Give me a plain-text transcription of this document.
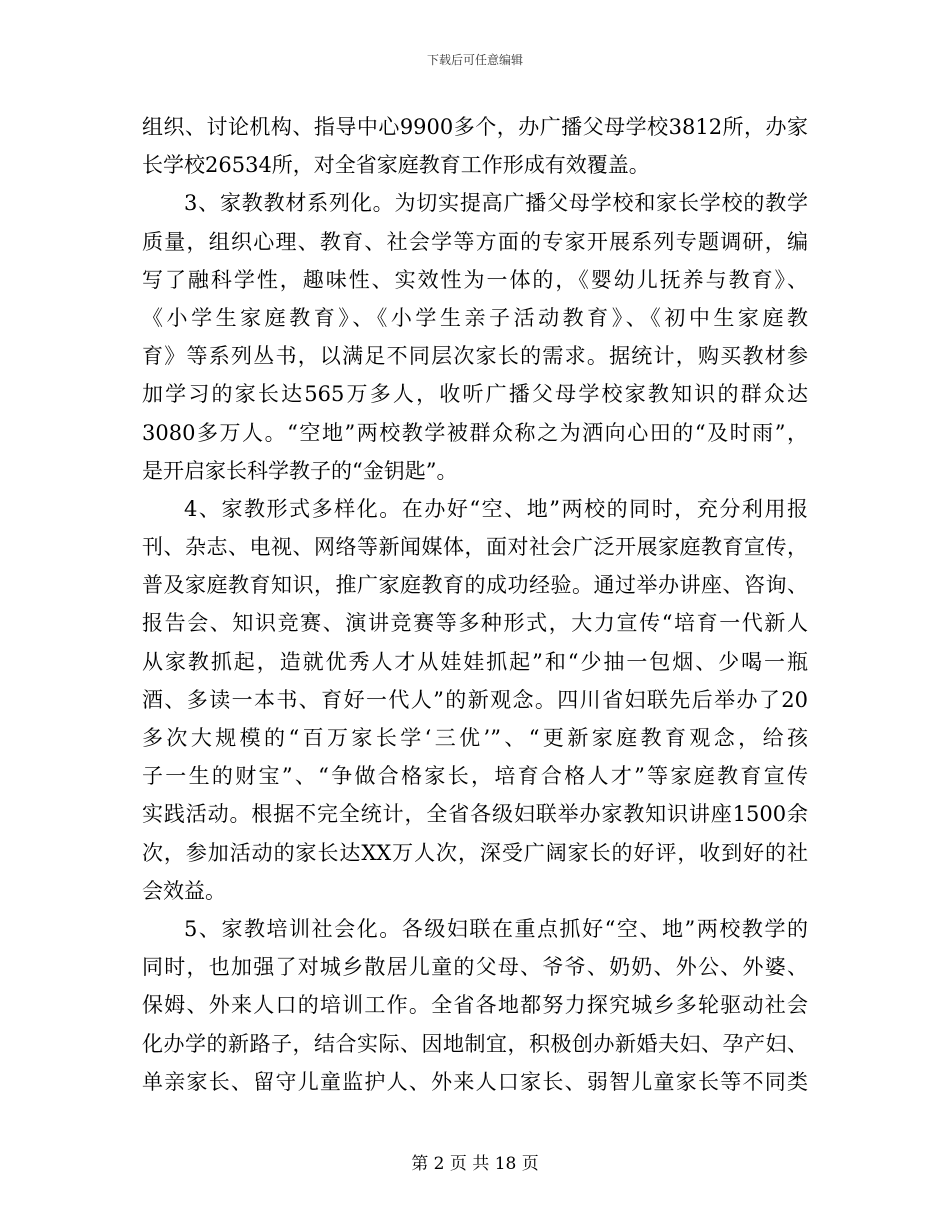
下载后可任意编辑
组织、讨论机构、指导中心9900多个，办广播父母学校3812所，办家
长学校26534所，对全省家庭教育工作形成有效覆盖。
3、家教教材系列化。为切实提高广播父母学校和家长学校的教学
质量，组织心理、教育、社会学等方面的专家开展系列专题调研，编
写了融科学性，趣味性、实效性为一体的，《婴幼儿抚养与教育》、
《小学生家庭教育》、《小学生亲子活动教育》、《初中生家庭教
育》等系列丛书，以满足不同层次家长的需求。据统计，购买教材参
加学习的家长达565万多人，收听广播父母学校家教知识的群众达
3080多万人。“空地”两校教学被群众称之为洒向心田的“及时雨”，
是开启家长科学教子的“金钥匙”。
4、家教形式多样化。在办好“空、地”两校的同时，充分利用报
刊、杂志、电视、网络等新闻媒体，面对社会广泛开展家庭教育宣传，
普及家庭教育知识，推广家庭教育的成功经验。通过举办讲座、咨询、
报告会、知识竞赛、演讲竞赛等多种形式，大力宣传“培育一代新人
从家教抓起，造就优秀人才从娃娃抓起”和“少抽一包烟、少喝一瓶
酒、多读一本书、育好一代人”的新观念。四川省妇联先后举办了20
多次大规模的“百万家长学‘三优’”、“更新家庭教育观念，给孩
子一生的财宝”、“争做合格家长，培育合格人才”等家庭教育宣传
实践活动。根据不完全统计，全省各级妇联举办家教知识讲座1500余
次，参加活动的家长达XX万人次，深受广阔家长的好评，收到好的社
会效益。
5、家教培训社会化。各级妇联在重点抓好“空、地”两校教学的
同时，也加强了对城乡散居儿童的父母、爷爷、奶奶、外公、外婆、
保姆、外来人口的培训工作。全省各地都努力探究城乡多轮驱动社会
化办学的新路子，结合实际、因地制宜，积极创办新婚夫妇、孕产妇、
单亲家长、留守儿童监护人、外来人口家长、弱智儿童家长等不同类
第 2 页 共 18 页
